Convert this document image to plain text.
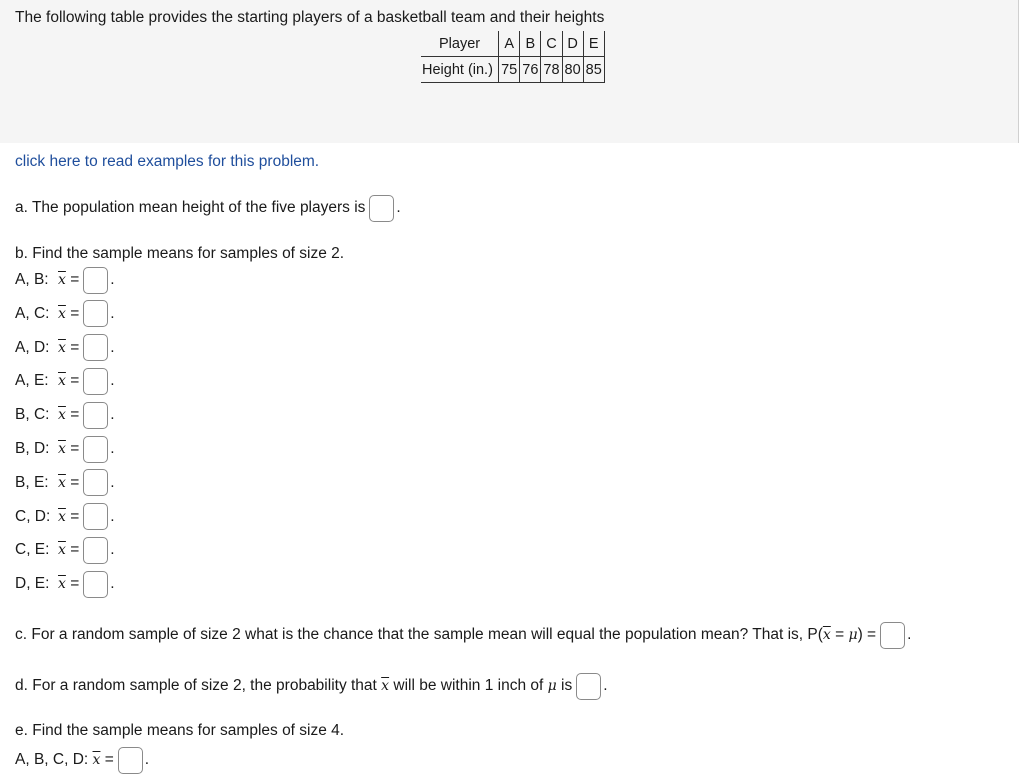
The following table provides the starting players of a basketball team and their heights
Player	A	B	C	D	E
Height (in.)	75	76	78	80	85
click here to read examples for this problem.
a. The population mean height of the five players is .
b. Find the sample means for samples of size 2.
A, B: $\overline{x}$ = .
A, C: $\overline{x}$ = .
A, D: $\overline{x}$ = .
A, E: $\overline{x}$ = .
B, C: $\overline{x}$ = .
B, D: $\overline{x}$ = .
B, E: $\overline{x}$ = .
C, D: $\overline{x}$ = .
C, E: $\overline{x}$ = .
D, E: $\overline{x}$ = .
c. For a random sample of size 2 what is the chance that the sample mean will equal the population mean? That is, P( $\overline{x} = \mu$ ) = .
d. For a random sample of size 2, the probability that $\overline{x}$ will be within 1 inch of μ is .
e. Find the sample means for samples of size 4.
A, B, C, D:
$\overline{x}$ = .
